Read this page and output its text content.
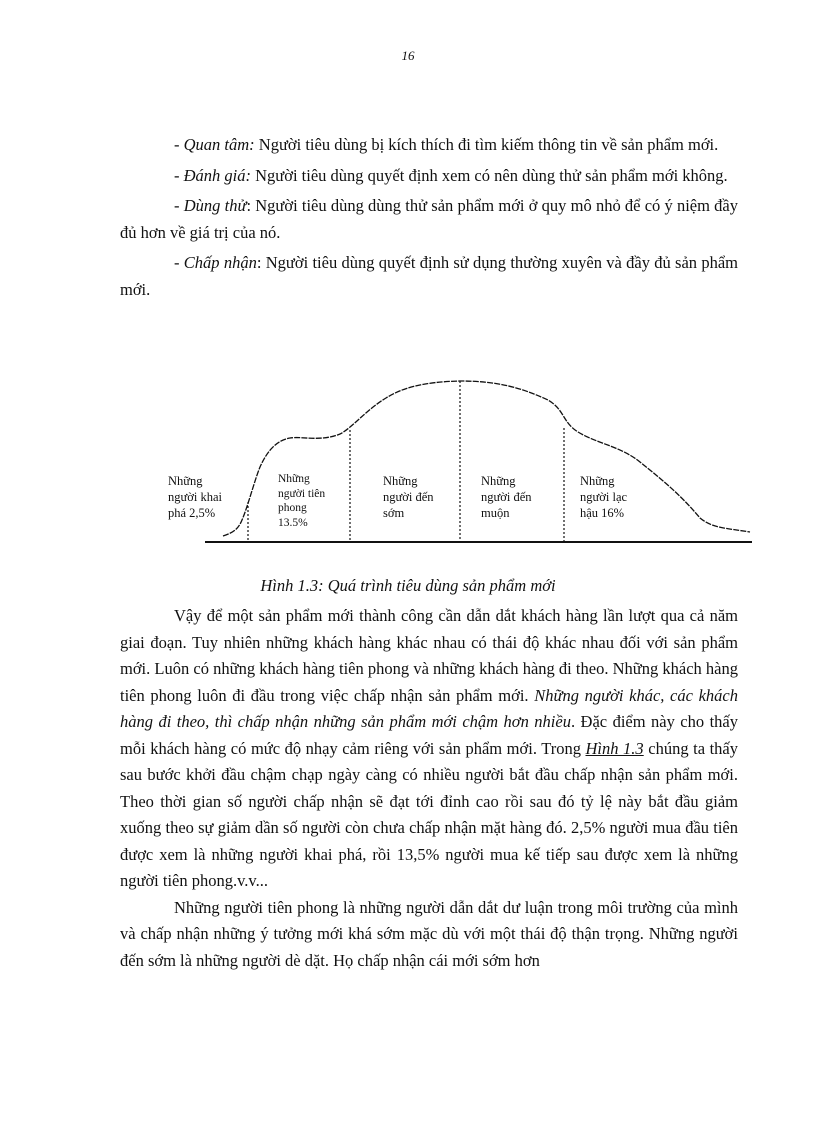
16

- Quan tâm: Người tiêu dùng bị kích thích đi tìm kiếm thông tin về sản phẩm mới.

- Đánh giá: Người tiêu dùng quyết định xem có nên dùng thử sản phẩm mới không.

- Dùng thử: Người tiêu dùng dùng thử sản phẩm mới ở quy mô nhỏ để có ý niệm đầy đủ hơn về giá trị của nó.

- Chấp nhận: Người tiêu dùng quyết định sử dụng thường xuyên và đầy đủ sản phẩm mới.

Những
người khai
phá 2,5%
Những
người tiên
phong
13.5%
Những
người đến
sớm
Những
người đến
muộn
Những
người lạc
hậu 16%
Hình 1.3: Quá trình tiêu dùng sản phẩm mới

Vậy để một sản phẩm mới thành công cần dẫn dắt khách hàng lần lượt qua cả năm giai đoạn. Tuy nhiên những khách hàng khác nhau có thái độ khác nhau đối với sản phẩm mới. Luôn có những khách hàng tiên phong và những khách hàng đi theo. Những khách hàng tiên phong luôn đi đầu trong việc chấp nhận sản phẩm mới. Những người khác, các khách hàng đi theo, thì chấp nhận những sản phẩm mới chậm hơn nhiều. Đặc điểm này cho thấy mỗi khách hàng có mức độ nhạy cảm riêng với sản phẩm mới. Trong Hình 1.3 chúng ta thấy sau bước khởi đầu chậm chạp ngày càng có nhiều người bắt đầu chấp nhận sản phẩm mới. Theo thời gian số người chấp nhận sẽ đạt tới đỉnh cao rồi sau đó tỷ lệ này bắt đầu giảm xuống theo sự giảm dần số người còn chưa chấp nhận mặt hàng đó. 2,5% người mua đầu tiên được xem là những người khai phá, rồi 13,5% người mua kế tiếp sau được xem là những người tiên phong.v.v...

Những người tiên phong là những người dẫn dắt dư luận trong môi trường của mình và chấp nhận những ý tưởng mới khá sớm mặc dù với một thái độ thận trọng. Những người đến sớm là những người dè dặt. Họ chấp nhận cái mới sớm hơn
